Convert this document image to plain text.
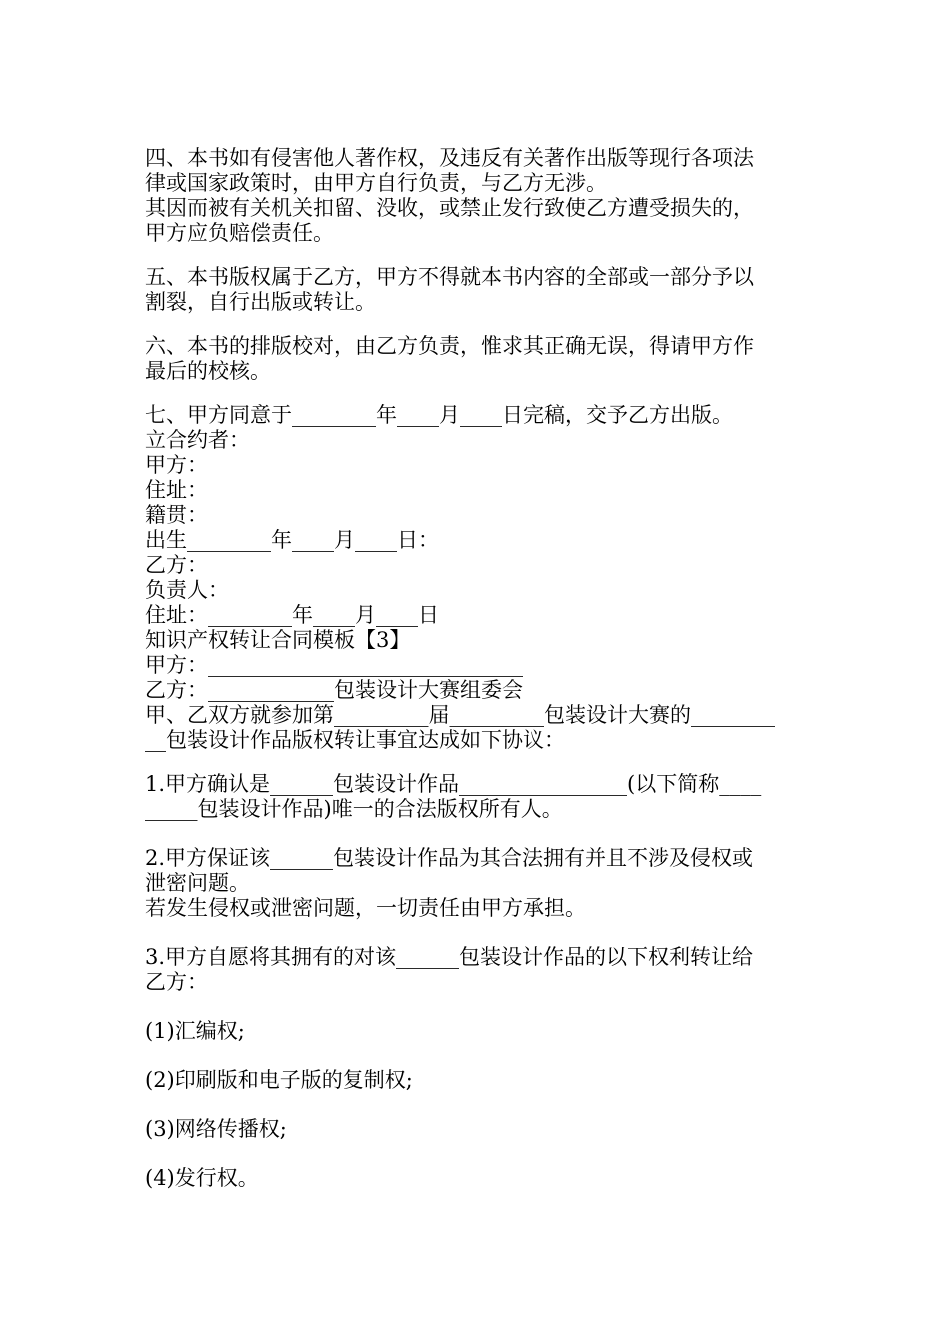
四、本书如有侵害他人著作权，及违反有关著作出版等现行各项法
律或国家政策时，由甲方自行负责，与乙方无涉。
其因而被有关机关扣留、没收，或禁止发行致使乙方遭受损失的，
甲方应负赔偿责任。
五、本书版权属于乙方，甲方不得就本书内容的全部或一部分予以
割裂，自行出版或转让。
六、本书的排版校对，由乙方负责，惟求其正确无误，得请甲方作
最后的校核。
七、甲方同意于________年____月____日完稿，交予乙方出版。
立合约者：
甲方：
住址：
籍贯：
出生________年____月____日：
乙方：
负责人：
住址：________年____月____日
知识产权转让合同模板【3】
甲方：______________________________
乙方：____________包装设计大赛组委会
甲、乙双方就参加第_________届_________包装设计大赛的________
__包装设计作品版权转让事宜达成如下协议：
1.甲方确认是______包装设计作品________________(以下简称____
_____包装设计作品)唯一的合法版权所有人。
2.甲方保证该______包装设计作品为其合法拥有并且不涉及侵权或
泄密问题。
若发生侵权或泄密问题，一切责任由甲方承担。
3.甲方自愿将其拥有的对该______包装设计作品的以下权利转让给
乙方：
(1)汇编权;
(2)印刷版和电子版的复制权;
(3)网络传播权;
(4)发行权。
